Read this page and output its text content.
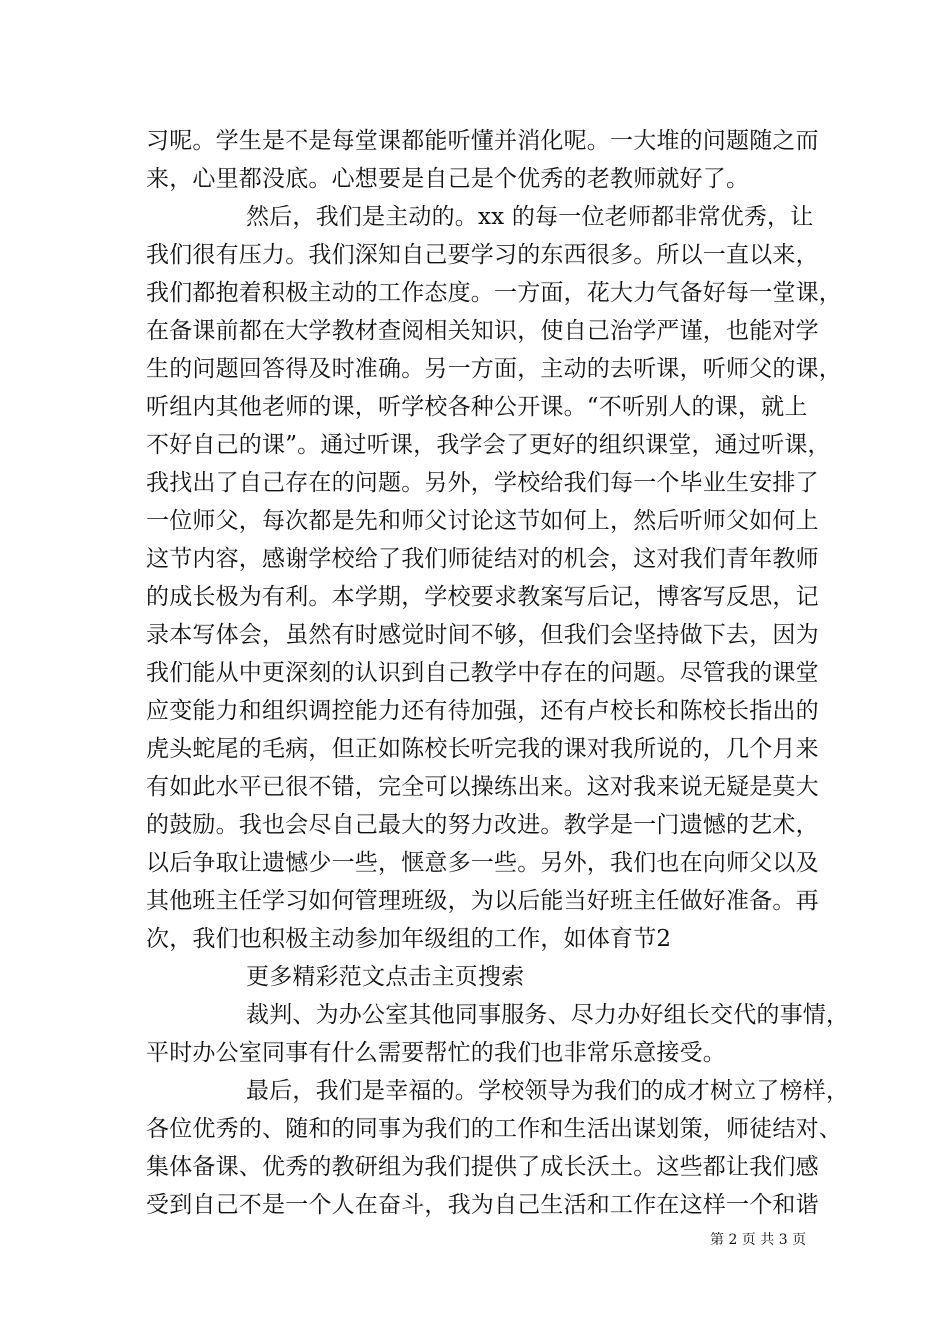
习呢。学生是不是每堂课都能听懂并消化呢。一大堆的问题随之而
来，心里都没底。心想要是自己是个优秀的老教师就好了。
然后，我们是主动的。xx 的每一位老师都非常优秀，让
我们很有压力。我们深知自己要学习的东西很多。所以一直以来，
我们都抱着积极主动的工作态度。一方面，花大力气备好每一堂课，
在备课前都在大学教材查阅相关知识，使自己治学严谨，也能对学
生的问题回答得及时准确。另一方面，主动的去听课，听师父的课，
听组内其他老师的课，听学校各种公开课。“不听别人的课，就上
不好自己的课”。通过听课，我学会了更好的组织课堂，通过听课，
我找出了自己存在的问题。另外，学校给我们每一个毕业生安排了
一位师父，每次都是先和师父讨论这节如何上，然后听师父如何上
这节内容，感谢学校给了我们师徒结对的机会，这对我们青年教师
的成长极为有利。本学期，学校要求教案写后记，博客写反思，记
录本写体会，虽然有时感觉时间不够，但我们会坚持做下去，因为
我们能从中更深刻的认识到自己教学中存在的问题。尽管我的课堂
应变能力和组织调控能力还有待加强，还有卢校长和陈校长指出的
虎头蛇尾的毛病，但正如陈校长听完我的课对我所说的，几个月来
有如此水平已很不错，完全可以操练出来。这对我来说无疑是莫大
的鼓励。我也会尽自己最大的努力改进。教学是一门遗憾的艺术，
以后争取让遗憾少一些，惬意多一些。另外，我们也在向师父以及
其他班主任学习如何管理班级，为以后能当好班主任做好准备。再
次，我们也积极主动参加年级组的工作，如体育节2
更多精彩范文点击主页搜索
裁判、为办公室其他同事服务、尽力办好组长交代的事情，
平时办公室同事有什么需要帮忙的我们也非常乐意接受。
最后，我们是幸福的。学校领导为我们的成才树立了榜样，
各位优秀的、随和的同事为我们的工作和生活出谋划策，师徒结对、
集体备课、优秀的教研组为我们提供了成长沃土。这些都让我们感
受到自己不是一个人在奋斗，我为自己生活和工作在这样一个和谐
第 2 页 共 3 页
